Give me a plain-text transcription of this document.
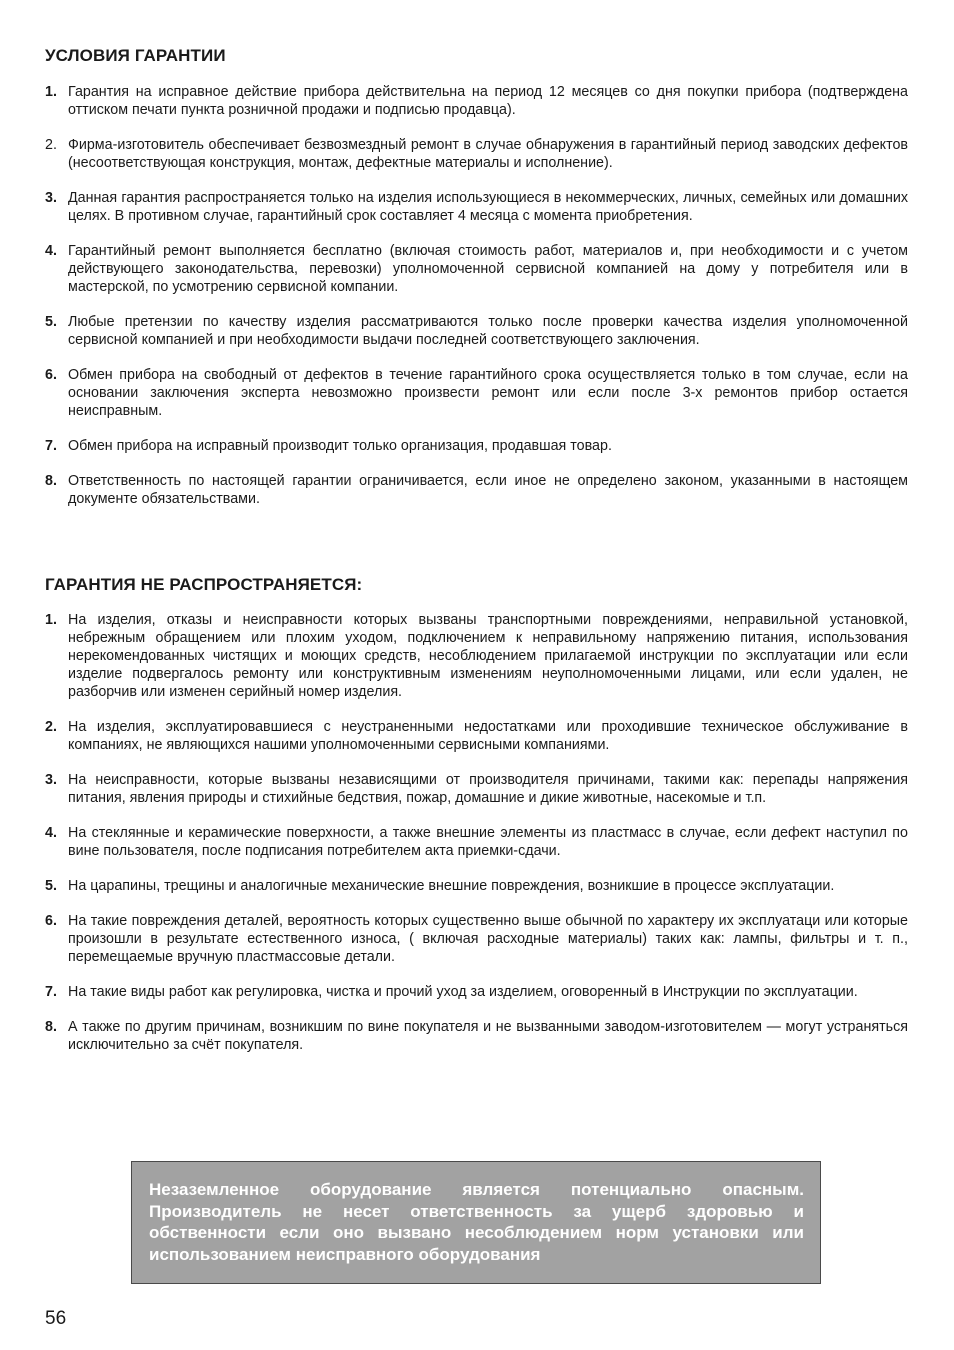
УСЛОВИЯ ГАРАНТИИ
1. Гарантия на исправное действие прибора действительна на период 12 месяцев со дня покупки прибора (подтверждена оттиском печати пункта розничной продажи и подписью продавца).
2. Фирма-изготовитель обеспечивает безвозмездный ремонт в случае обнаружения в гарантийный период заводских дефектов (несоответствующая конструкция, монтаж, дефектные материалы и исполнение).
3. Данная гарантия распространяется только на изделия использующиеся в некоммерческих, личных, семейных или домашних целях. В противном случае, гарантийный срок составляет 4 месяца с момента приобретения.
4. Гарантийный ремонт выполняется бесплатно (включая стоимость работ, материалов и, при необходимости и с учетом действующего законодательства, перевозки) уполномоченной сервисной компанией на дому у потребителя или в мастерской, по усмотрению сервисной компании.
5. Любые претензии по качеству изделия рассматриваются только после проверки качества изделия уполномоченной сервисной компанией и при необходимости выдачи последней соответствующего заключения.
6. Обмен прибора на свободный от дефектов в течение гарантийного срока осуществляется только в том случае, если на основании заключения эксперта невозможно произвести ремонт или если после 3-х ремонтов прибор остается неисправным.
7. Обмен прибора на исправный производит только организация, продавшая товар.
8. Ответственность по настоящей гарантии ограничивается, если иное не определено законом, указанными в настоящем документе обязательствами.
ГАРАНТИЯ НЕ РАСПРОСТРАНЯЕТСЯ:
1. На изделия, отказы и неисправности которых вызваны транспортными повреждениями, неправильной установкой, небрежным обращением или плохим уходом, подключением к неправильному напряжению питания, использования нерекомендованных чистящих и моющих средств, несоблюдением прилагаемой инструкции по эксплуатации или если изделие подвергалось ремонту или конструктивным изменениям неуполномоченными лицами, или если удален, не разборчив или изменен серийный номер изделия.
2. На изделия, эксплуатировавшиеся с неустраненными недостатками или проходившие техническое обслуживание в компаниях, не являющихся нашими уполномоченными сервисными компаниями.
3. На неисправности, которые вызваны независящими от производителя причинами, такими как: перепады напряжения питания, явления природы и стихийные бедствия, пожар, домашние и дикие животные, насекомые и т.п.
4. На стеклянные и керамические поверхности, а также внешние элементы из пластмасс в случае, если дефект наступил по вине пользователя, после подписания потребителем акта приемки-сдачи.
5. На царапины, трещины и аналогичные механические внешние повреждения, возникшие в процессе эксплуатации.
6. На такие повреждения деталей, вероятность которых существенно выше обычной по характеру их эксплуатаци или которые произошли в результате естественного износа, ( включая расходные материалы) таких как: лампы, фильтры и т. п., перемещаемые вручную пластмассовые детали.
7. На такие виды работ как регулировка, чистка и прочий уход за изделием, оговоренный в Инструкции по эксплуатации.
8. А также по другим причинам, возникшим по вине покупателя и не вызванными заводом-изготовителем — могут устраняться исключительно за счёт покупателя.
Незаземленное оборудование является потенциально опасным. Производитель не несет ответственность за ущерб здоровью и обственности если оно вызвано несоблюдением норм установки или использованием неисправного оборудования
56
